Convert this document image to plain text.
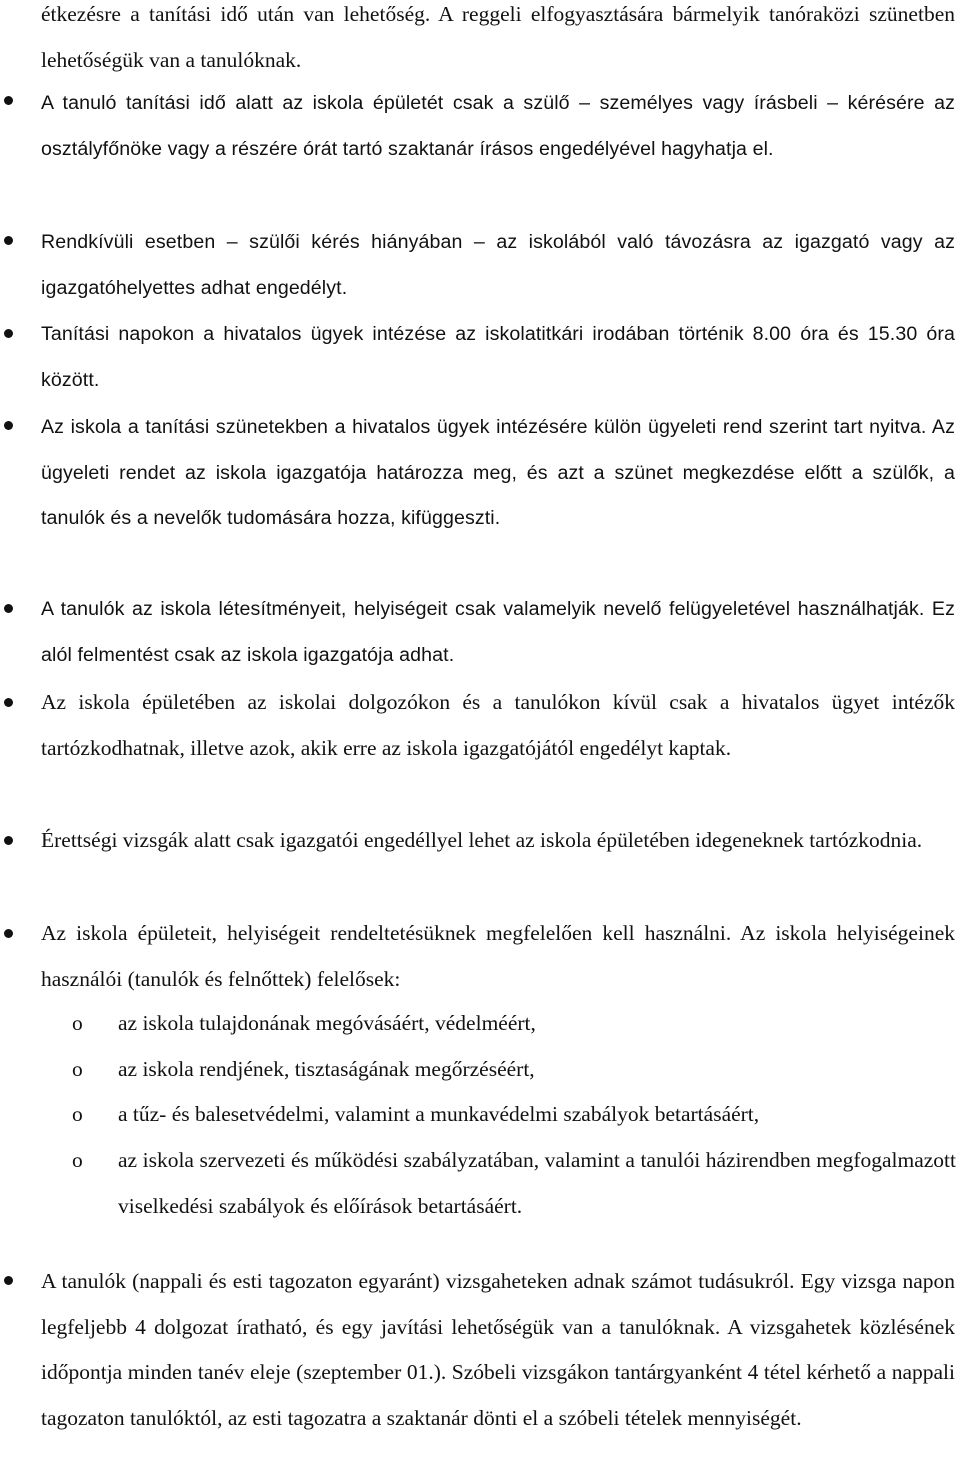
étkezésre a tanítási idő után van lehetőség. A reggeli elfogyasztására bármelyik tanóraközi szünetben lehetőségük van a tanulóknak.

A tanuló tanítási idő alatt az iskola épületét csak a szülő – személyes vagy írásbeli – kérésére az osztályfőnöke vagy a részére órát tartó szaktanár írásos engedélyével hagyhatja el.

Rendkívüli esetben – szülői kérés hiányában – az iskolából való távozásra az igazgató vagy az igazgatóhelyettes adhat engedélyt.

Tanítási napokon a hivatalos ügyek intézése az iskolatitkári irodában történik 8.00 óra és 15.30 óra között.

Az iskola a tanítási szünetekben a hivatalos ügyek intézésére külön ügyeleti rend szerint tart nyitva. Az ügyeleti rendet az iskola igazgatója határozza meg, és azt a szünet megkezdése előtt a szülők, a tanulók és a nevelők tudomására hozza, kifüggeszti.

A tanulók az iskola létesítményeit, helyiségeit csak valamelyik nevelő felügyeletével használhatják. Ez alól felmentést csak az iskola igazgatója adhat.

Az iskola épületében az iskolai dolgozókon és a tanulókon kívül csak a hivatalos ügyet intézők tartózkodhatnak, illetve azok, akik erre az iskola igazgatójától engedélyt kaptak.

Érettségi vizsgák alatt csak igazgatói engedéllyel lehet az iskola épületében idegeneknek tartózkodnia.

Az iskola épületeit, helyiségeit rendeltetésüknek megfelelően kell használni. Az iskola helyiségeinek használói (tanulók és felnőttek) felelősek:

o az iskola tulajdonának megóvásáért, védelméért,

o az iskola rendjének, tisztaságának megőrzéséért,

o a tűz- és balesetvédelmi, valamint a munkavédelmi szabályok betartásáért,

o az iskola szervezeti és működési szabályzatában, valamint a tanulói házirendben megfogalmazott viselkedési szabályok és előírások betartásáért.

A tanulók (nappali és esti tagozaton egyaránt) vizsgaheteken adnak számot tudásukról. Egy vizsga napon legfeljebb 4 dolgozat íratható, és egy javítási lehetőségük van a tanulóknak. A vizsgahetek közlésének időpontja minden tanév eleje (szeptember 01.). Szóbeli vizsgákon tantárgyanként 4 tétel kérhető a nappali tagozaton tanulóktól, az esti tagozatra a szaktanár dönti el a szóbeli tételek mennyiségét.
